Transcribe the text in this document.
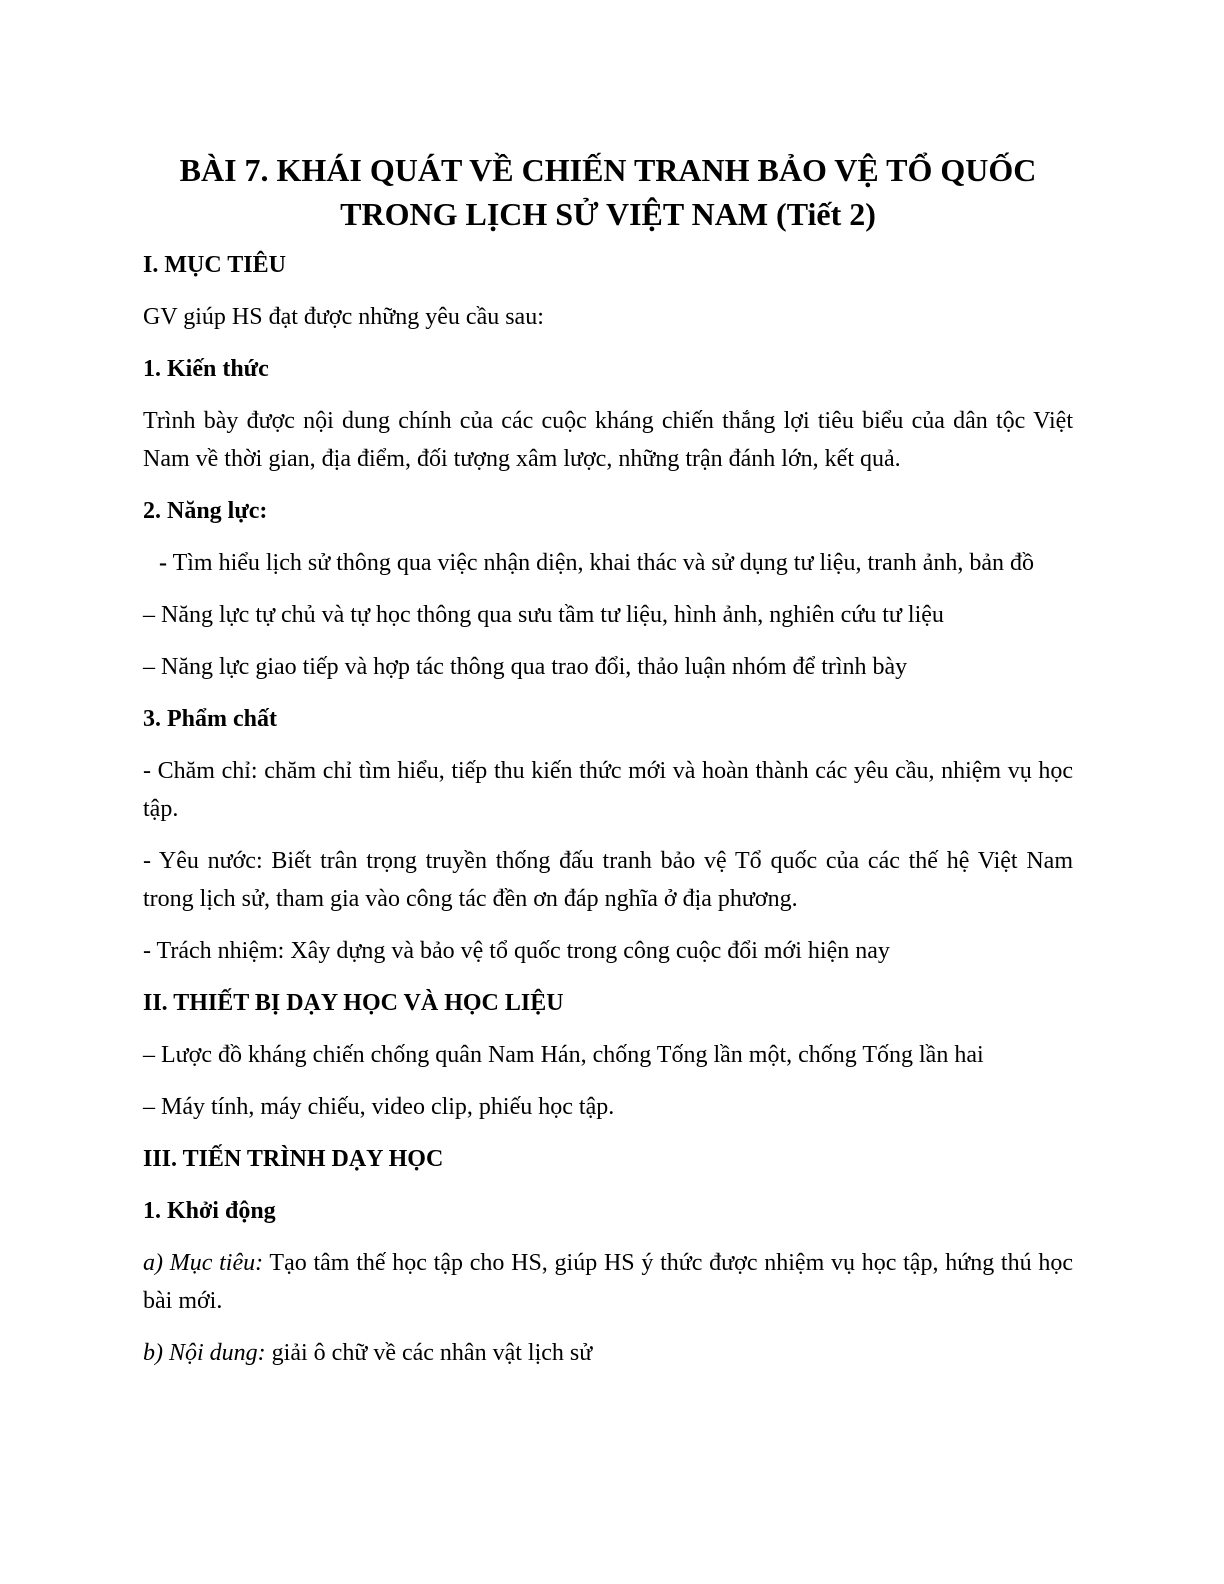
BÀI 7. KHÁI QUÁT VỀ CHIẾN TRANH BẢO VỆ TỔ QUỐC
TRONG LỊCH SỬ VIỆT NAM (Tiết 2)

I. MỤC TIÊU

GV giúp HS đạt được những yêu cầu sau:

1. Kiến thức

Trình bày được nội dung chính của các cuộc kháng chiến thắng lợi tiêu biểu của dân tộc Việt Nam về thời gian, địa điểm, đối tượng xâm lược, những trận đánh lớn, kết quả.

2. Năng lực:

- Tìm hiểu lịch sử thông qua việc nhận diện, khai thác và sử dụng tư liệu, tranh ảnh, bản đồ

– Năng lực tự chủ và tự học thông qua sưu tầm tư liệu, hình ảnh, nghiên cứu tư liệu

– Năng lực giao tiếp và hợp tác thông qua trao đổi, thảo luận nhóm để trình bày

3. Phẩm chất

- Chăm chỉ: chăm chỉ tìm hiểu, tiếp thu kiến thức mới và hoàn thành các yêu cầu, nhiệm vụ học tập.

- Yêu nước: Biết trân trọng truyền thống đấu tranh bảo vệ Tổ quốc của các thế hệ Việt Nam trong lịch sử, tham gia vào công tác đền ơn đáp nghĩa ở địa phương.

- Trách nhiệm: Xây dựng và bảo vệ tổ quốc trong công cuộc đổi mới hiện nay

II. THIẾT BỊ DẠY HỌC VÀ HỌC LIỆU

– Lược đồ kháng chiến chống quân Nam Hán, chống Tống lần một, chống Tống lần hai

– Máy tính, máy chiếu, video clip, phiếu học tập.

III. TIẾN TRÌNH DẠY HỌC

1. Khởi động

a) Mục tiêu: Tạo tâm thế học tập cho HS, giúp HS ý thức được nhiệm vụ học tập, hứng thú học bài mới.

b) Nội dung: giải ô chữ về các nhân vật lịch sử
